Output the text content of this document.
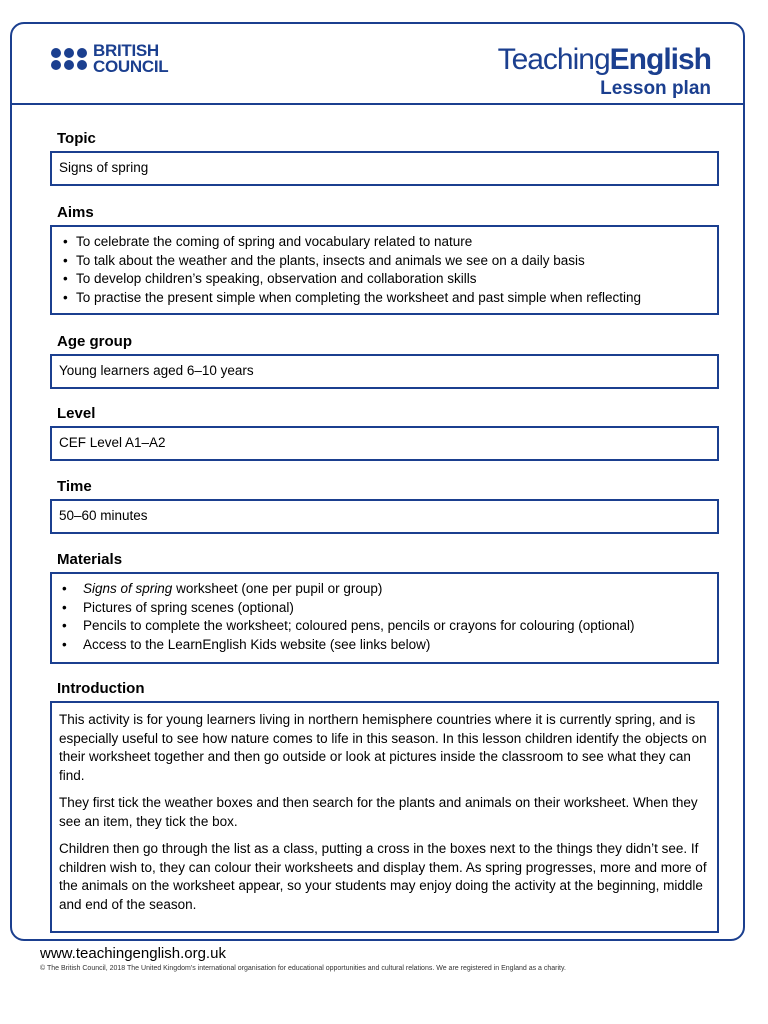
BRITISH
COUNCIL	TeachingEnglish
Lesson plan
Topic
Signs of spring
Aims
• To celebrate the coming of spring and vocabulary related to nature
• To talk about the weather and the plants, insects and animals we see on a daily basis
• To develop children’s speaking, observation and collaboration skills
• To practise the present simple when completing the worksheet and past simple when reflecting
Age group
Young learners aged 6–10 years
Level
CEF Level A1–A2
Time
50–60 minutes
Materials
• Signs of spring worksheet (one per pupil or group)
• Pictures of spring scenes (optional)
• Pencils to complete the worksheet; coloured pens, pencils or crayons for colouring (optional)
• Access to the LearnEnglish Kids website (see links below)
Introduction

This activity is for young learners living in northern hemisphere countries where it is currently spring, and is especially useful to see how nature comes to life in this season. In this lesson children identify the objects on their worksheet together and then go outside or look at pictures inside the classroom to see what they can find.

They first tick the weather boxes and then search for the plants and animals on their worksheet. When they see an item, they tick the box.

Children then go through the list as a class, putting a cross in the boxes next to the things they didn’t see. If children wish to, they can colour their worksheets and display them. As spring progresses, more and more of the animals on the worksheet appear, so your students may enjoy doing the activity at the beginning, middle and end of the season.

www.teachingenglish.org.uk
© The British Council, 2018 The United Kingdom’s international organisation for educational opportunities and cultural relations. We are registered in England as a charity.
